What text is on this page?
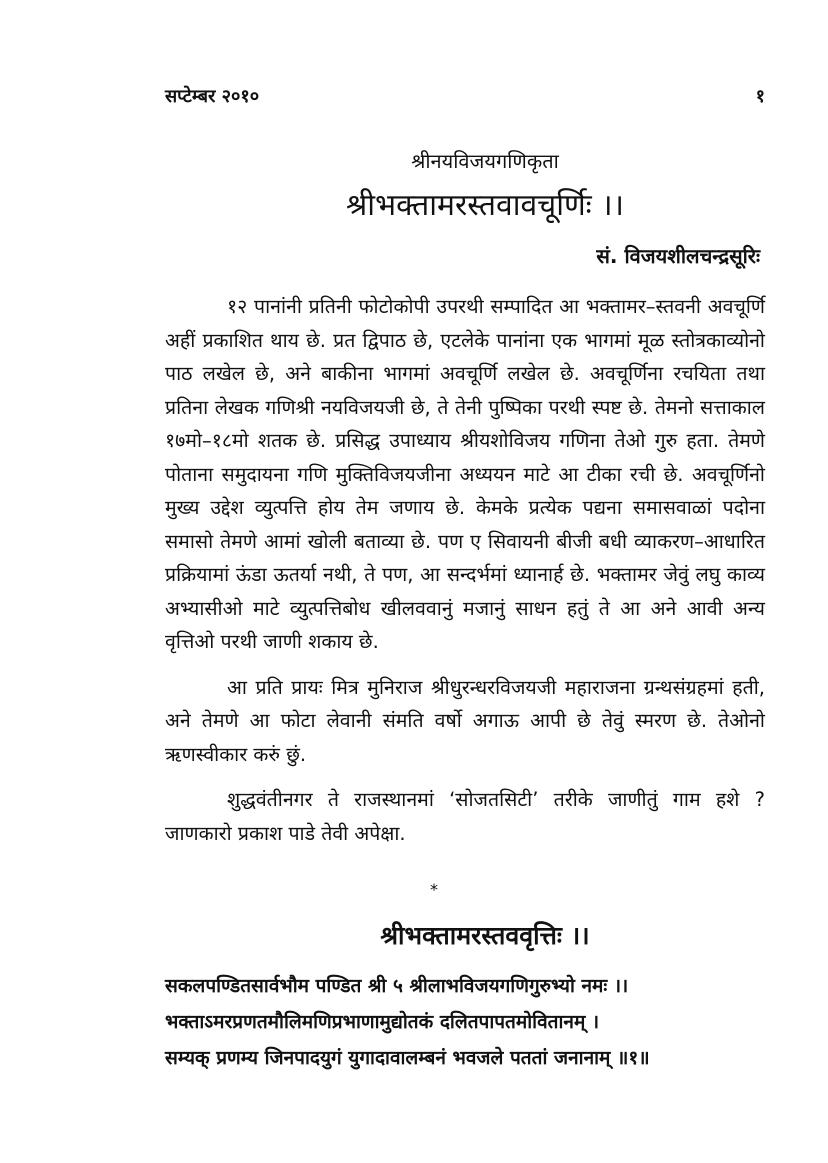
सप्टेम्बर २०१०	१
श्रीनयविजयगणिकृता
श्रीभक्तामरस्तवावचूर्णिः ।।
सं. विजयशीलचन्द्रसूरिः

१२ पानांनी प्रतिनी फोटोकोपी उपरथी सम्पादित आ भक्तामर–स्तवनी अवचूर्णि अहीं प्रकाशित थाय छे. प्रत द्विपाठ छे, एटलेके पानांना एक भागमां मूळ स्तोत्रकाव्योनो पाठ लखेल छे, अने बाकीना भागमां अवचूर्णि लखेल छे. अवचूर्णिना रचयिता तथा प्रतिना लेखक गणिश्री नयविजयजी छे, ते तेनी पुष्पिका परथी स्पष्ट छे. तेमनो सत्ताकाल १७मो–१८मो शतक छे. प्रसिद्ध उपाध्याय श्रीयशोविजय गणिना तेओ गुरु हता. तेमणे पोताना समुदायना गणि मुक्तिविजयजीना अध्ययन माटे आ टीका रची छे. अवचूर्णिनो मुख्य उद्देश व्युत्पत्ति होय तेम जणाय छे. केमके प्रत्येक पद्यना समासवाळां पदोना समासो तेमणे आमां खोली बताव्या छे. पण ए सिवायनी बीजी बधी व्याकरण–आधारित प्रक्रियामां ऊंडा ऊतर्या नथी, ते पण, आ सन्दर्भमां ध्यानार्ह छे. भक्तामर जेवुं लघु काव्य अभ्यासीओ माटे व्युत्पत्तिबोध खीलववानुं मजानुं साधन हतुं ते आ अने आवी अन्य वृत्तिओ परथी जाणी शकाय छे.

आ प्रति प्रायः मित्र मुनिराज श्रीधुरन्धरविजयजी महाराजना ग्रन्थसंग्रहमां हती, अने तेमणे आ फोटा लेवानी संमति वर्षो अगाऊ आपी छे तेवुं स्मरण छे. तेओनो ऋणस्वीकार करुं छुं.

शुद्धवंतीनगर ते राजस्थानमां ‘सोजतसिटी’ तरीके जाणीतुं गाम हशे ? जाणकारो प्रकाश पाडे तेवी अपेक्षा.

*
श्रीभक्तामरस्तववृत्तिः ।।
सकलपण्डितसार्वभौम पण्डित श्री ५ श्रीलाभविजयगणिगुरुभ्यो नमः ।।
भक्ताऽमरप्रणतमौलिमणिप्रभाणामुद्योतकं दलितपापतमोवितानम् ।
सम्यक् प्रणम्य जिनपादयुगं युगादावालम्बनं भवजले पततां जनानाम् ॥१॥
